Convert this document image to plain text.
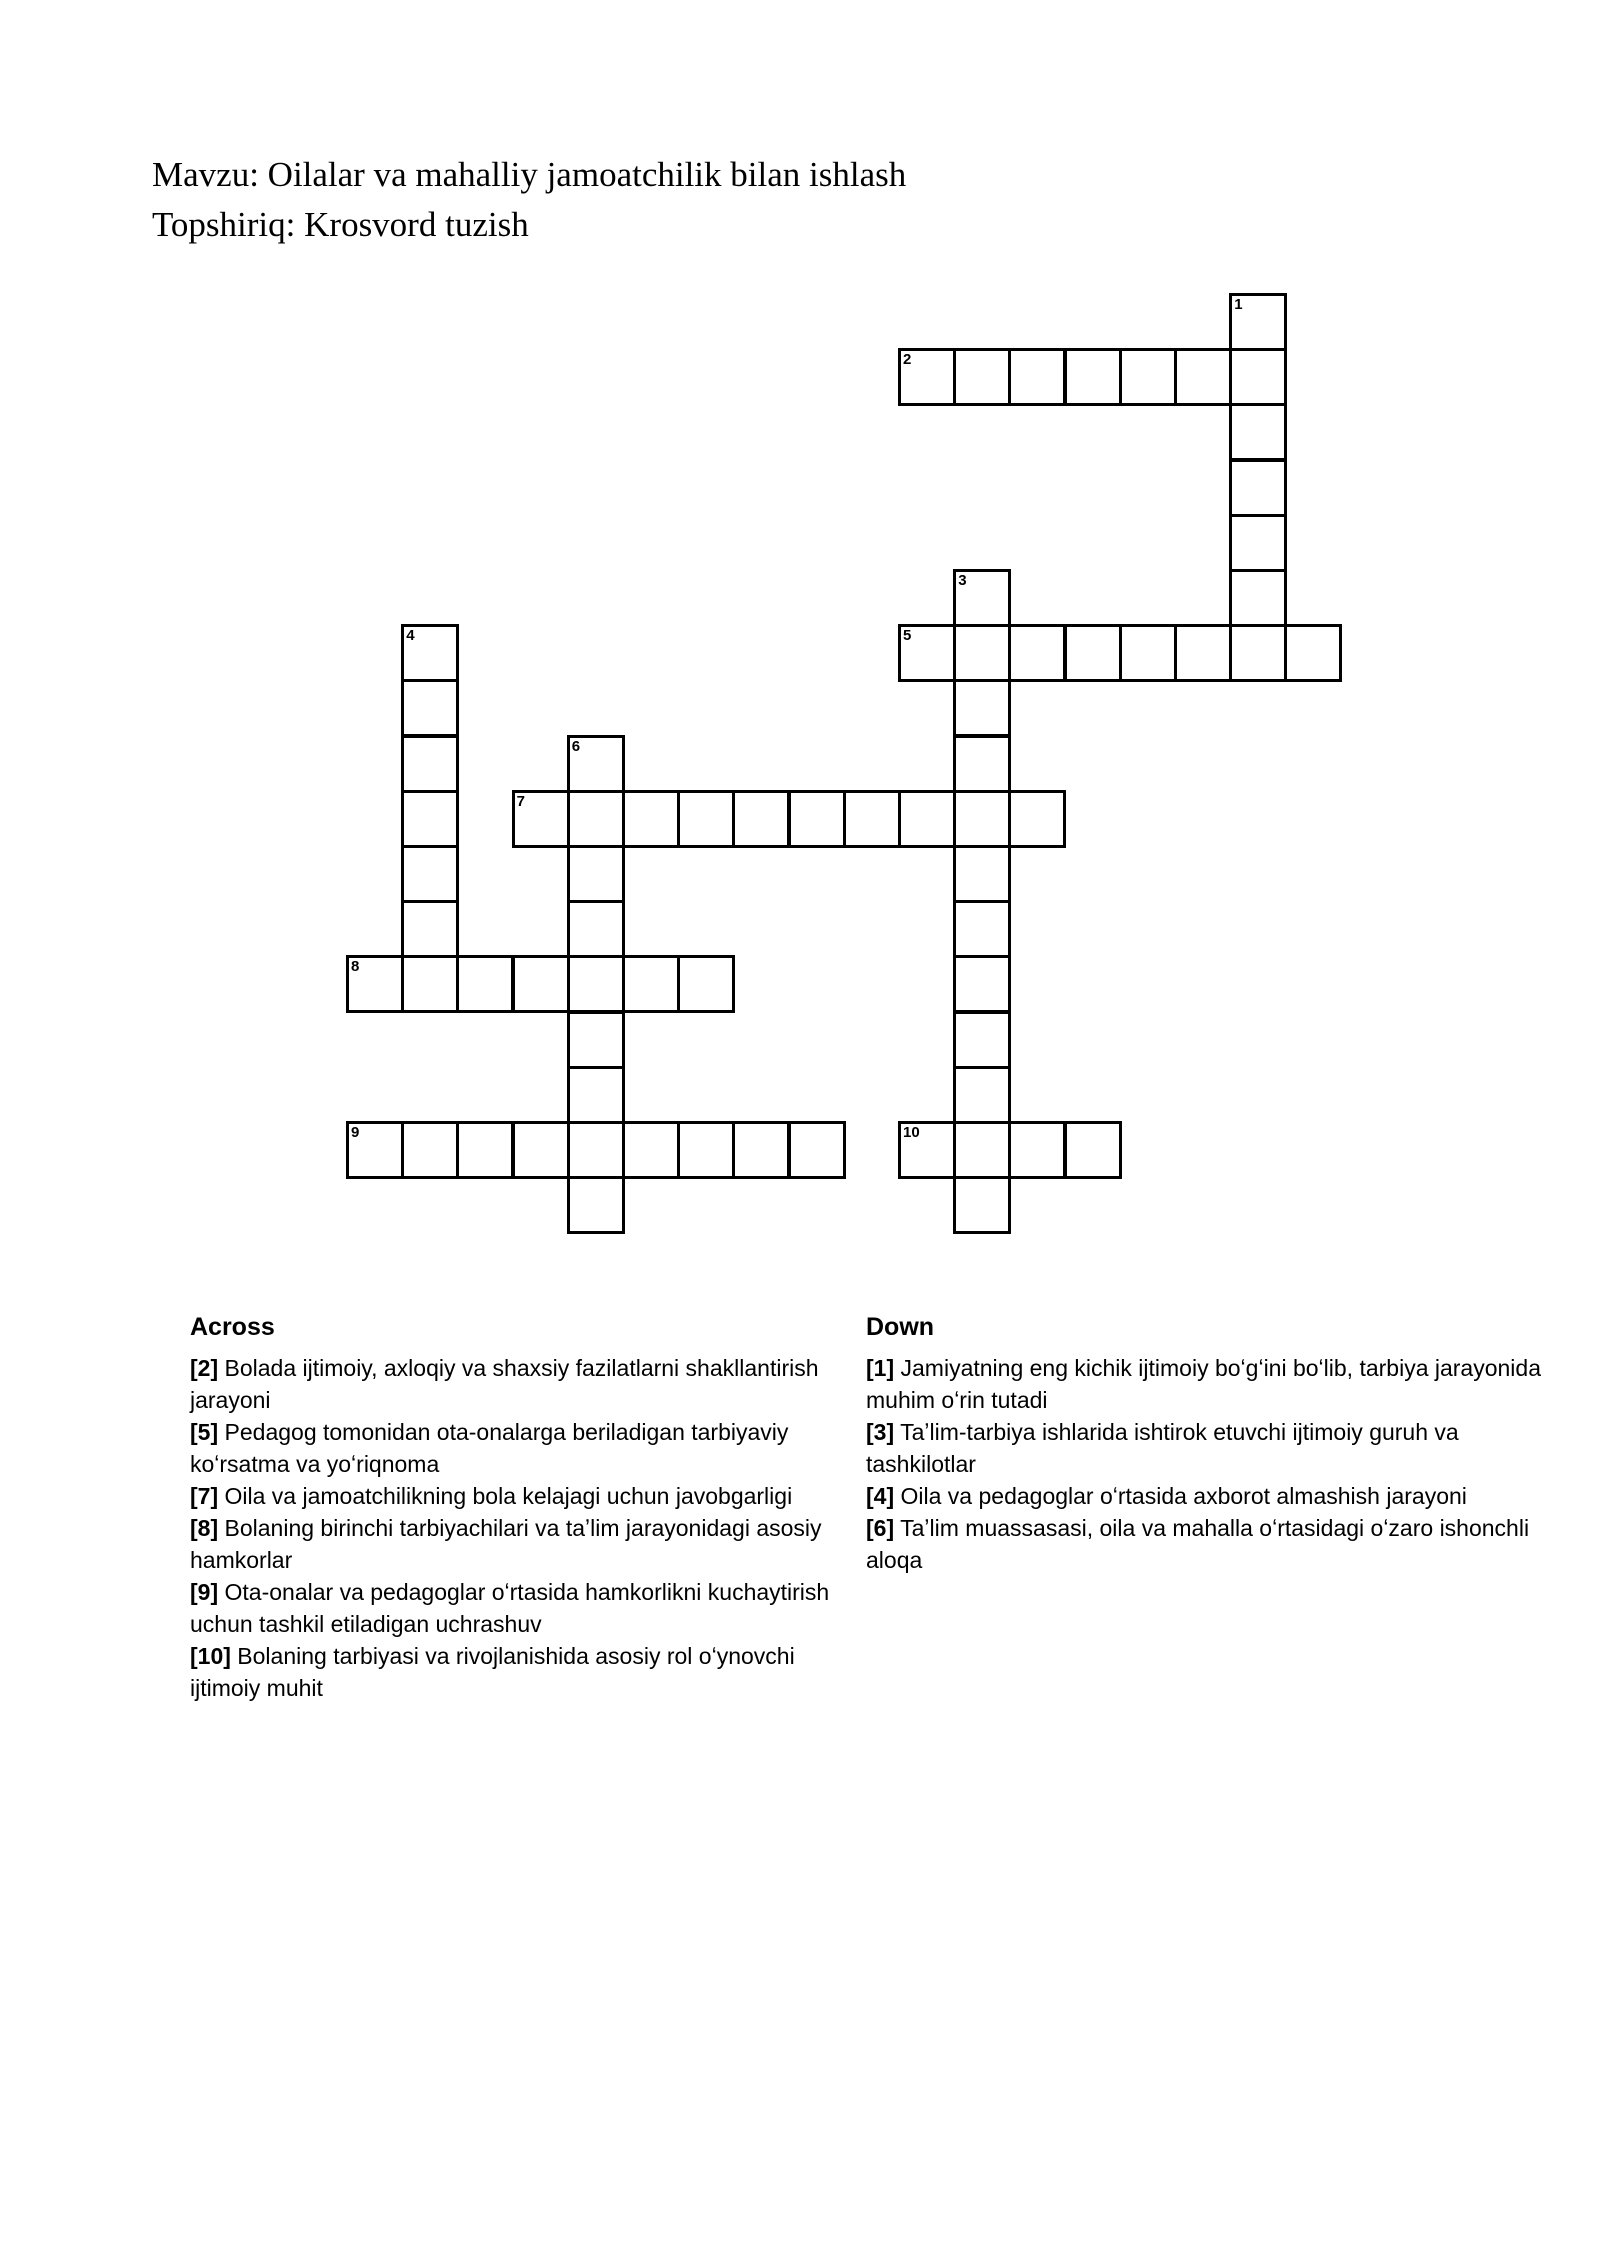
Mavzu: Oilalar va mahalliy jamoatchilik bilan ishlash
Topshiriq: Krosvord tuzish
1
2
3
4	5
6
7
8
9	10
Across

[2] Bolada ijtimoiy, axloqiy va shaxsiy fazilatlarni shakllantirish jarayoni

[5] Pedagog tomonidan ota-onalarga beriladigan tarbiyaviy koʻrsatma va yoʻriqnoma

[7] Oila va jamoatchilikning bola kelajagi uchun javobgarligi

[8] Bolaning birinchi tarbiyachilari va taʼlim jarayonidagi asosiy hamkorlar

[9] Ota-onalar va pedagoglar oʻrtasida hamkorlikni kuchaytirish uchun tashkil etiladigan uchrashuv

[10] Bolaning tarbiyasi va rivojlanishida asosiy rol oʻynovchi ijtimoiy muhit

Down

[1] Jamiyatning eng kichik ijtimoiy boʻgʻini boʻlib, tarbiya jarayonida muhim oʻrin tutadi

[3] Taʼlim-tarbiya ishlarida ishtirok etuvchi ijtimoiy guruh va tashkilotlar

[4] Oila va pedagoglar oʻrtasida axborot almashish jarayoni

[6] Taʼlim muassasasi, oila va mahalla oʻrtasidagi oʻzaro ishonchli aloqa
